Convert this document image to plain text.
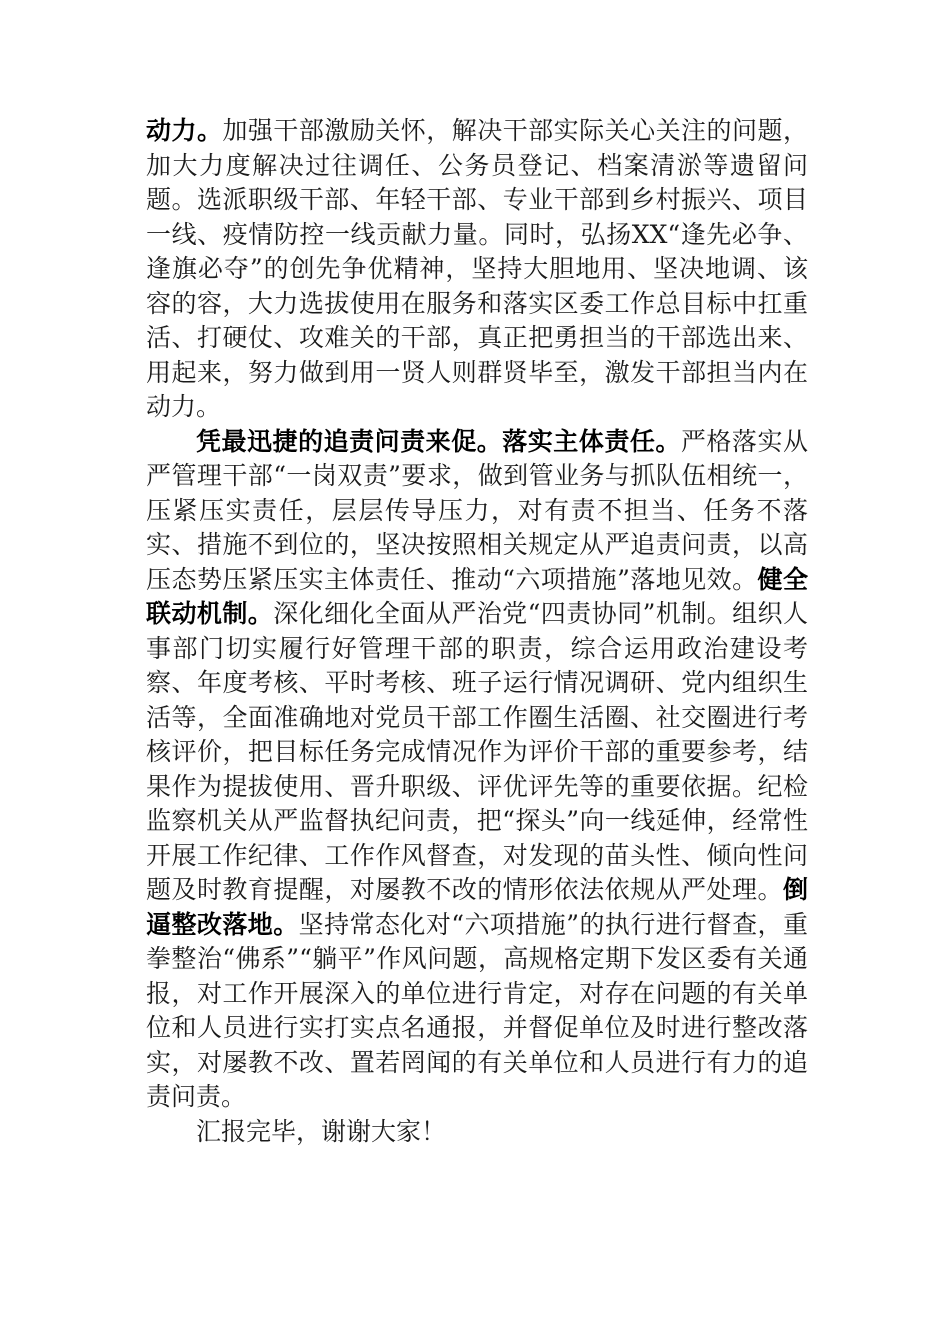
动力。加强干部激励关怀，解决干部实际关心关注的问题，加大力度解决过往调任、公务员登记、档案清淤等遗留问题。选派职级干部、年轻干部、专业干部到乡村振兴、项目一线、疫情防控一线贡献力量。同时，弘扬XX“逢先必争、逢旗必夺”的创先争优精神，坚持大胆地用、坚决地调、该容的容，大力选拔使用在服务和落实区委工作总目标中扛重活、打硬仗、攻难关的干部，真正把勇担当的干部选出来、用起来，努力做到用一贤人则群贤毕至，激发干部担当内在动力。

凭最迅捷的追责问责来促。落实主体责任。严格落实从严管理干部“一岗双责”要求，做到管业务与抓队伍相统一，压紧压实责任，层层传导压力，对有责不担当、任务不落实、措施不到位的，坚决按照相关规定从严追责问责，以高压态势压紧压实主体责任、推动“六项措施”落地见效。健全联动机制。深化细化全面从严治党“四责协同”机制。组织人事部门切实履行好管理干部的职责，综合运用政治建设考察、年度考核、平时考核、班子运行情况调研、党内组织生活等，全面准确地对党员干部工作圈生活圈、社交圈进行考核评价，把目标任务完成情况作为评价干部的重要参考，结果作为提拔使用、晋升职级、评优评先等的重要依据。纪检监察机关从严监督执纪问责，把“探头”向一线延伸，经常性开展工作纪律、工作作风督查，对发现的苗头性、倾向性问题及时教育提醒，对屡教不改的情形依法依规从严处理。倒逼整改落地。坚持常态化对“六项措施”的执行进行督查，重拳整治“佛系”“躺平”作风问题，高规格定期下发区委有关通报，对工作开展深入的单位进行肯定，对存在问题的有关单位和人员进行实打实点名通报，并督促单位及时进行整改落实，对屡教不改、置若罔闻的有关单位和人员进行有力的追责问责。

汇报完毕，谢谢大家！
